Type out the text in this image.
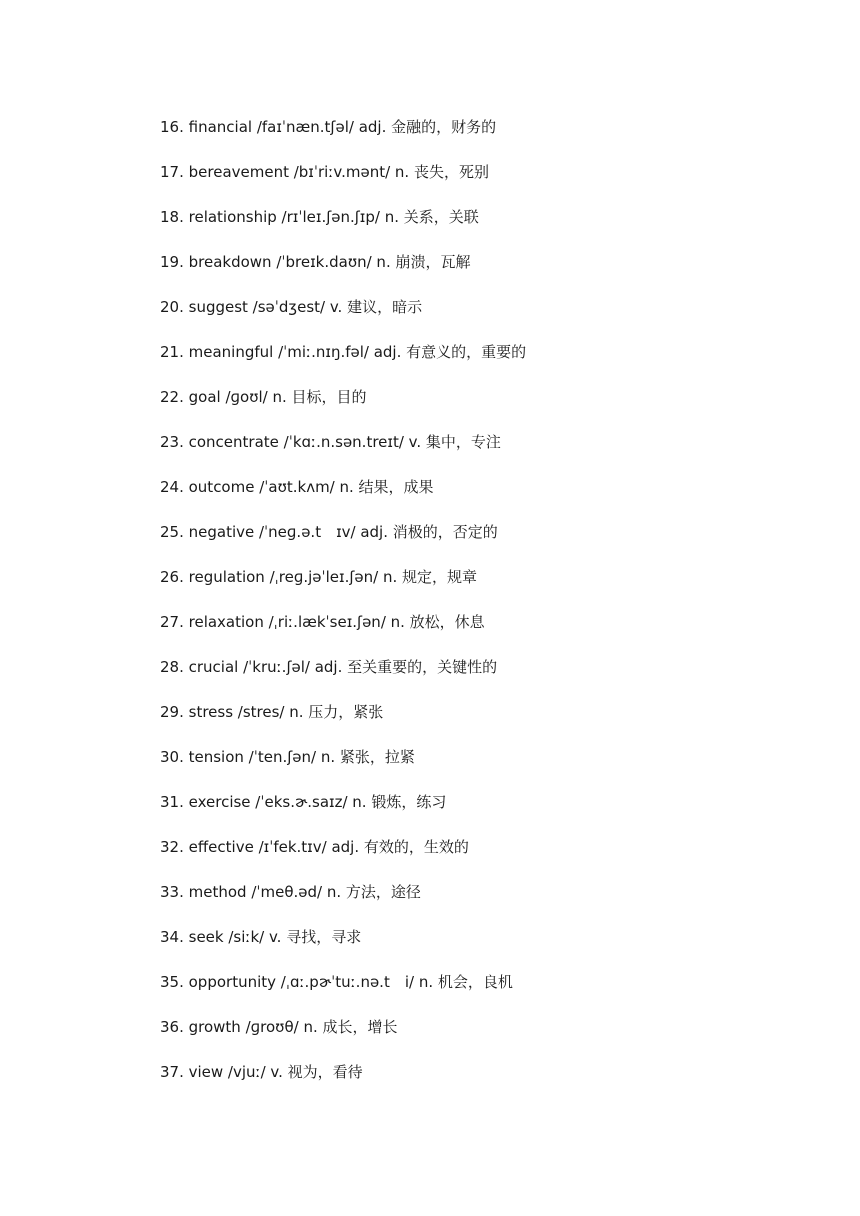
16. financial /faɪˈnæn.tʃəl/ adj. 金融的，财务的
17. bereavement /bɪˈriːv.mənt/ n. 丧失，死别
18. relationship /rɪˈleɪ.ʃən.ʃɪp/ n. 关系，关联
19. breakdown /ˈbreɪk.daʊn/ n. 崩溃，瓦解
20. suggest /səˈdʒest/ v. 建议，暗示
21. meaningful /ˈmiː.nɪŋ.fəl/ adj. 有意义的，重要的
22. goal /ɡoʊl/ n. 目标，目的
23. concentrate /ˈkɑː.n.sən.treɪt/ v. 集中，专注
24. outcome /ˈaʊt.kʌm/ n. 结果，成果
25. negative /ˈneɡ.ə.t　ɪv/ adj. 消极的，否定的
26. regulation /ˌreɡ.jəˈleɪ.ʃən/ n. 规定，规章
27. relaxation /ˌriː.lækˈseɪ.ʃən/ n. 放松，休息
28. crucial /ˈkruː.ʃəl/ adj. 至关重要的，关键性的
29. stress /stres/ n. 压力，紧张
30. tension /ˈten.ʃən/ n. 紧张，拉紧
31. exercise /ˈeks.ɚ.saɪz/ n. 锻炼，练习
32. effective /ɪˈfek.tɪv/ adj. 有效的，生效的
33. method /ˈmeθ.əd/ n. 方法，途径
34. seek /siːk/ v. 寻找，寻求
35. opportunity /ˌɑː.pɚˈtuː.nə.t　i/ n. 机会，良机
36. growth /ɡroʊθ/ n. 成长，增长
37. view /vjuː/ v. 视为，看待
